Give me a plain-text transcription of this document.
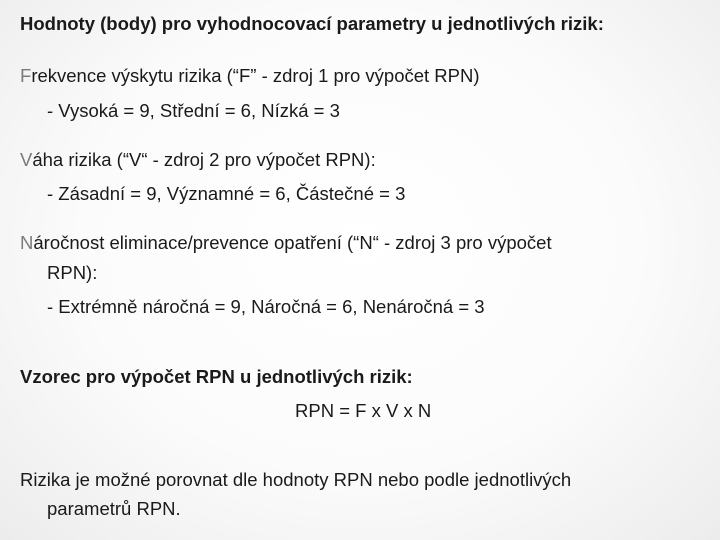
Hodnoty (body) pro vyhodnocovací parametry u jednotlivých rizik:
Frekvence výskytu rizika (“F” - zdroj 1 pro výpočet RPN)
- Vysoká = 9, Střední = 6, Nízká = 3
Váha rizika (“V“ - zdroj 2 pro výpočet RPN):
- Zásadní = 9, Významné = 6, Částečné = 3
Náročnost eliminace/prevence opatření (“N“ - zdroj 3 pro výpočet
RPN):
- Extrémně náročná = 9, Náročná = 6, Nenáročná = 3
Vzorec pro výpočet RPN u jednotlivých rizik:
RPN = F x V x N
Rizika je možné porovnat dle hodnoty RPN nebo podle jednotlivých
parametrů RPN.
